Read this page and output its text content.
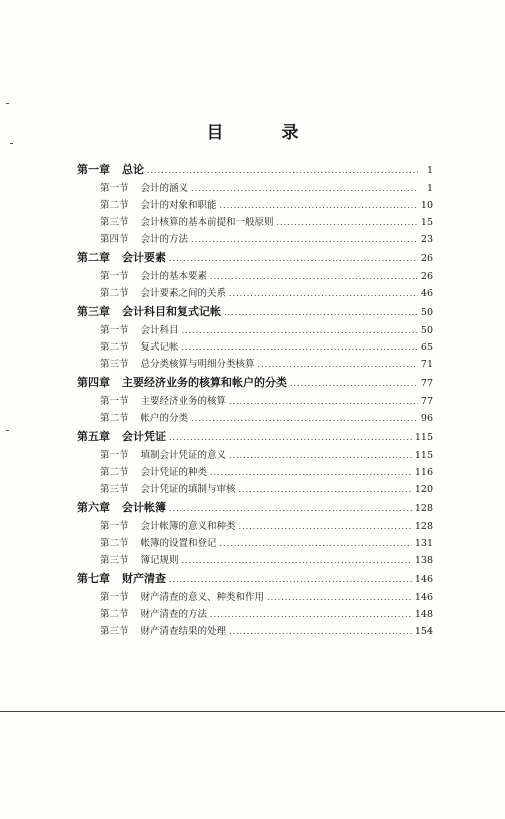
目 录
第一章 总论 .....	1
第一节 会计的涵义 .....	1
第二节 会计的对象和职能 .....	10
第三节 会计核算的基本前提和一般原则 .....	15
第四节 会计的方法 .....	23
第二章 会计要素 .....	26
第一节 会计的基本要素 .....	26
第二节 会计要素之间的关系 .....	46
第三章 会计科目和复式记帐 .....	50
第一节 会计科目 .....	50
第二节 复式记帐 .....	65
第三节 总分类核算与明细分类核算 .....	71
第四章 主要经济业务的核算和帐户的分类 .....	77
第一节 主要经济业务的核算 .....	77
第二节 帐户的分类 .....	96
第五章 会计凭证 .....	115
第一节 填制会计凭证的意义 .....	115
第二节 会计凭证的种类 .....	116
第三节 会计凭证的填制与审核 .....	120
第六章 会计帐簿 .....	128
第一节 会计帐簿的意义和种类 .....	128
第二节 帐簿的设置和登记 .....	131
第三节 簿记规则 .....	138
第七章 财产清查 .....	146
第一节 财产清查的意义、种类和作用 .....	146
第二节 财产清查的方法 .....	148
第三节 财产清查结果的处理 .....	154
